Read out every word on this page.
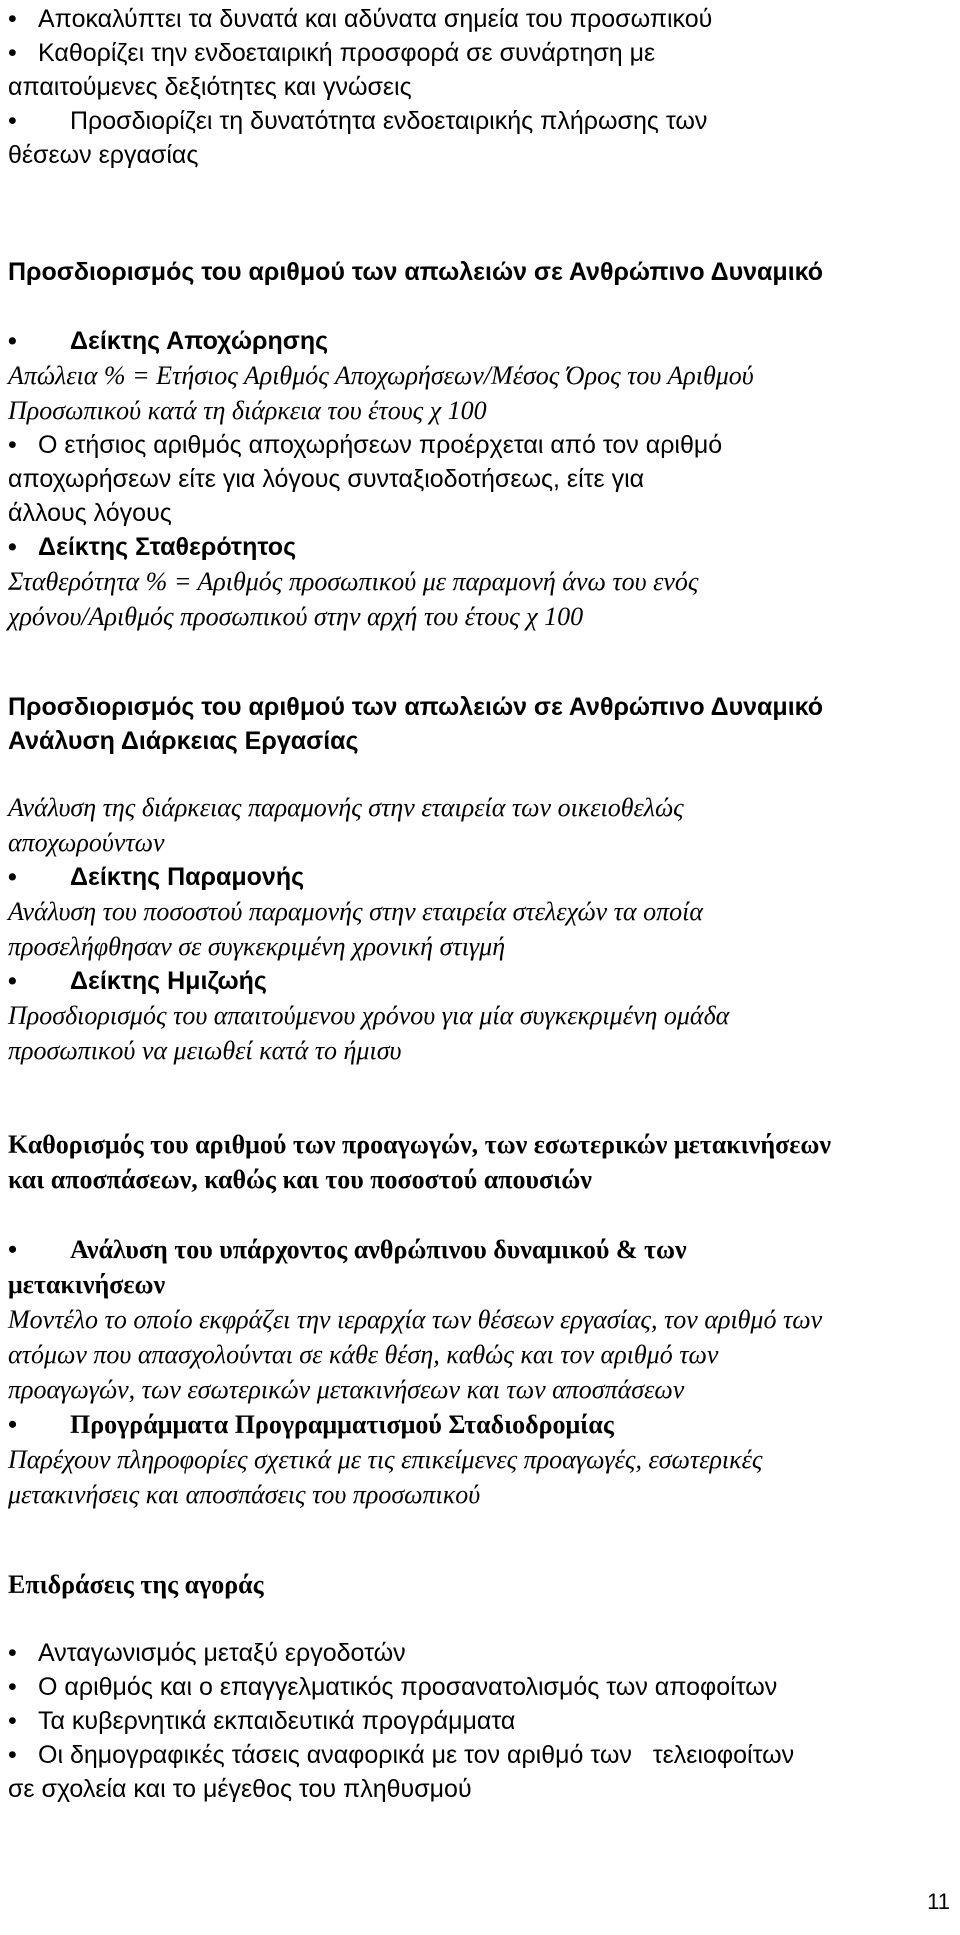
• Αποκαλύπτει τα δυνατά και αδύνατα σημεία του προσωπικού
• Καθορίζει την ενδοεταιρική προσφορά σε συνάρτηση με
απαιτούμενες δεξιότητες και γνώσεις
• Προσδιορίζει τη δυνατότητα ενδοεταιρικής πλήρωσης των
θέσεων εργασίας
Προσδιορισμός του αριθμού των απωλειών σε Ανθρώπινο Δυναμικό
• Δείκτης Αποχώρησης
Απώλεια % = Ετήσιος Αριθμός Αποχωρήσεων/Μέσος Όρος του Αριθμού
Προσωπικού κατά τη διάρκεια του έτους χ 100
• Ο ετήσιος αριθμός αποχωρήσεων προέρχεται από τον αριθμό
αποχωρήσεων είτε για λόγους συνταξιοδοτήσεως, είτε για
άλλους λόγους
• Δείκτης Σταθερότητος
Σταθερότητα % = Αριθμός προσωπικού με παραμονή άνω του ενός
χρόνου/Αριθμός προσωπικού στην αρχή του έτους χ 100
Προσδιορισμός του αριθμού των απωλειών σε Ανθρώπινο Δυναμικό
Ανάλυση Διάρκειας Εργασίας
Ανάλυση της διάρκειας παραμονής στην εταιρεία των οικειοθελώς
αποχωρούντων
• Δείκτης Παραμονής
Ανάλυση του ποσοστού παραμονής στην εταιρεία στελεχών τα οποία
προσελήφθησαν σε συγκεκριμένη χρονική στιγμή
• Δείκτης Ημιζωής
Προσδιορισμός του απαιτούμενου χρόνου για μία συγκεκριμένη ομάδα
προσωπικού να μειωθεί κατά το ήμισυ
Καθορισμός του αριθμού των προαγωγών, των εσωτερικών μετακινήσεων
και αποσπάσεων, καθώς και του ποσοστού απουσιών
• Ανάλυση του υπάρχοντος ανθρώπινου δυναμικού & των
μετακινήσεων
Μοντέλο το οποίο εκφράζει την ιεραρχία των θέσεων εργασίας, τον αριθμό των
ατόμων που απασχολούνται σε κάθε θέση, καθώς και τον αριθμό των
προαγωγών, των εσωτερικών μετακινήσεων και των αποσπάσεων
• Προγράμματα Προγραμματισμού Σταδιοδρομίας
Παρέχουν πληροφορίες σχετικά με τις επικείμενες προαγωγές, εσωτερικές
μετακινήσεις και αποσπάσεις του προσωπικού
Επιδράσεις της αγοράς
• Ανταγωνισμός μεταξύ εργοδοτών
• Ο αριθμός και ο επαγγελματικός προσανατολισμός των αποφοίτων
• Τα κυβερνητικά εκπαιδευτικά προγράμματα
• Οι δημογραφικές τάσεις αναφορικά με τον αριθμό των   τελειοφοίτων
σε σχολεία και το μέγεθος του πληθυσμού
11
